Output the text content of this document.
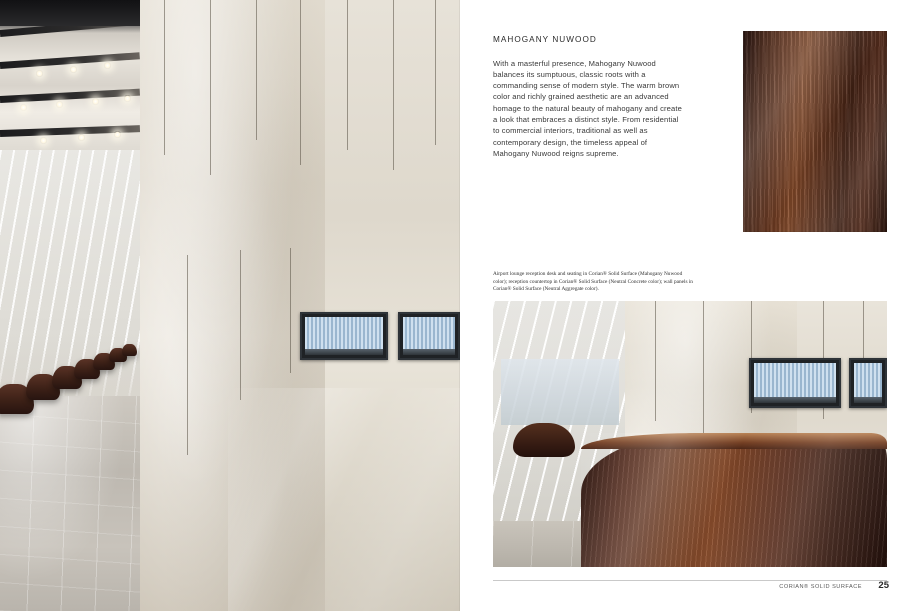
MAHOGANY NUWOOD

With a masterful presence, Mahogany Nuwood balances its sumptuous, classic roots with a commanding sense of modern style. The warm brown color and richly grained aesthetic are an advanced homage to the natural beauty of mahogany and create a look that embraces a distinct style. From residential to commercial interiors, traditional as well as contemporary design, the timeless appeal of Mahogany Nuwood reigns supreme.

Airport lounge reception desk and seating in Corian® Solid Surface (Mahogany Nuwood color); reception countertop in Corian® Solid Surface (Neutral Concrete color); wall panels in Corian® Solid Surface (Neutral Aggregate color).

CORIAN® SOLID SURFACE 25
